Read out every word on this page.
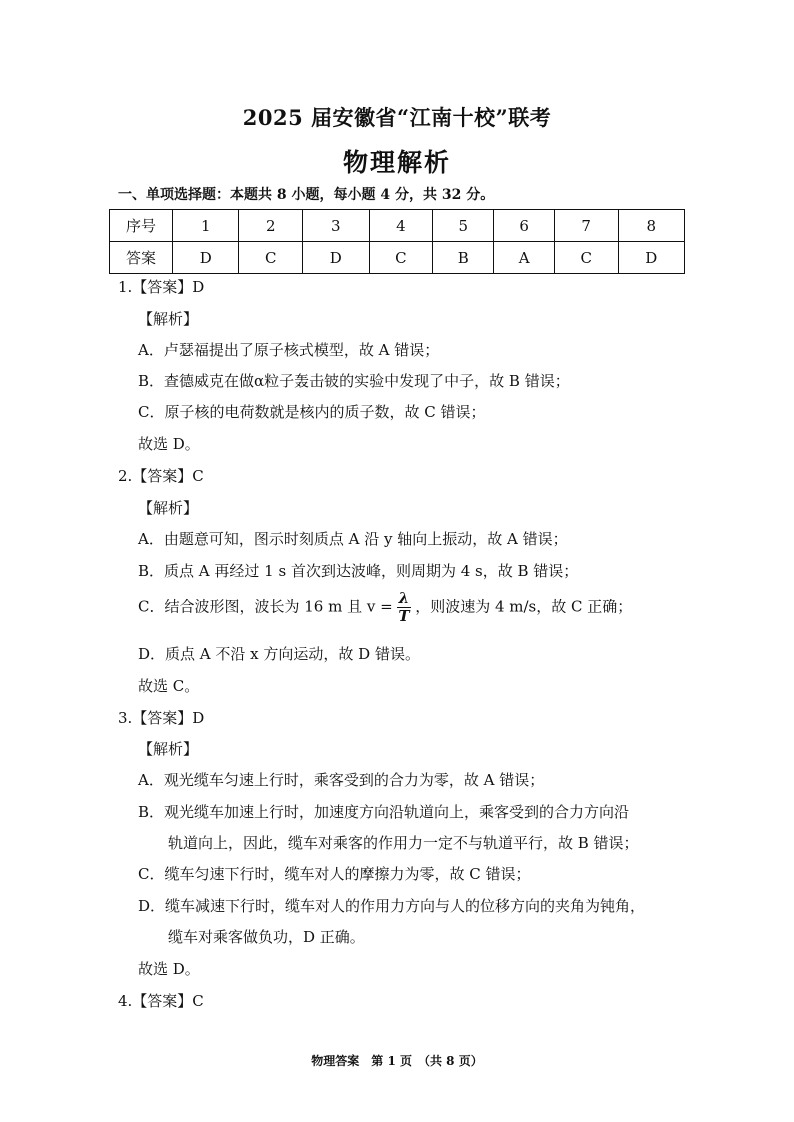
2025 届安徽省“江南十校”联考
物理解析
一、单项选择题：本题共 8 小题，每小题 4 分，共 32 分。
序号	1	2	3	4	5	6	7	8
答案	D	C	D	C	B	A	C	D
1.【答案】D
【解析】
A．卢瑟福提出了原子核式模型，故 A 错误；
B．查德威克在做α粒子轰击铍的实验中发现了中子，故 B 错误；
C．原子核的电荷数就是核内的质子数，故 C 错误；
故选 D。
2.【答案】C
【解析】
A．由题意可知，图示时刻质点 A 沿 y 轴向上振动，故 A 错误；
B．质点 A 再经过 1 s 首次到达波峰，则周期为 4 s，故 B 错误；
C．结合波形图，波长为 16 m 且 $v = \frac{\lambda}{T}$ ，则波速为 4 m/s，故 C 正确；
D．质点 A 不沿 x 方向运动，故 D 错误。
故选 C。
3.【答案】D
【解析】
A．观光缆车匀速上行时，乘客受到的合力为零，故 A 错误；
B．观光缆车加速上行时，加速度方向沿轨道向上，乘客受到的合力方向沿
轨道向上，因此，缆车对乘客的作用力一定不与轨道平行，故 B 错误；
C．缆车匀速下行时，缆车对人的摩擦力为零，故 C 错误；
D．缆车减速下行时，缆车对人的作用力方向与人的位移方向的夹角为钝角，
缆车对乘客做负功，D 正确。
故选 D。
4.【答案】C
物理答案　第 1 页　（共 8 页）
